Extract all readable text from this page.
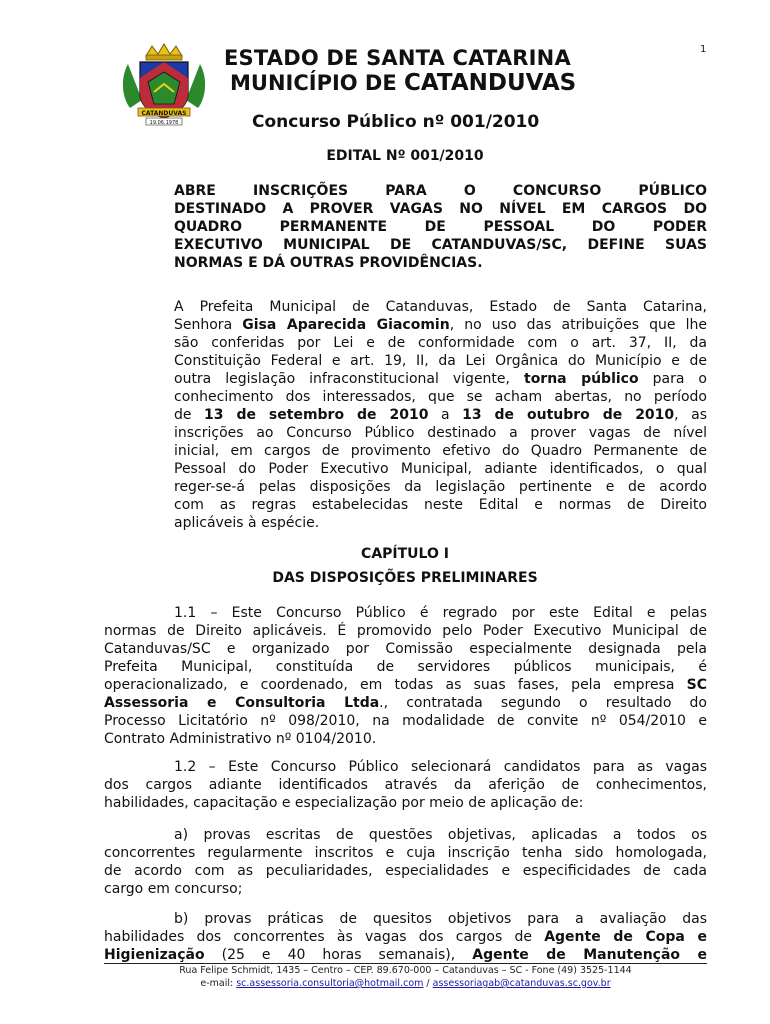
1
CATANDUVAS
19.06.1978
ESTADO DE SANTA CATARINA
MUNICÍPIO DE CATANDUVAS
Concurso Público nº 001/2010
EDITAL Nº 001/2010
ABRE INSCRIÇÕES PARA O CONCURSO PÚBLICO
DESTINADO A PROVER VAGAS NO NÍVEL EM CARGOS DO
QUADRO PERMANENTE DE PESSOAL DO PODER
EXECUTIVO MUNICIPAL DE CATANDUVAS/SC, DEFINE SUAS
NORMAS E DÁ OUTRAS PROVIDÊNCIAS.
A Prefeita Municipal de Catanduvas, Estado de Santa Catarina,
Senhora Gisa Aparecida Giacomin, no uso das atribuições que lhe
são conferidas por Lei e de conformidade com o art. 37, II, da
Constituição Federal e art. 19, II, da Lei Orgânica do Município e de
outra legislação infraconstitucional vigente, torna público para o
conhecimento dos interessados, que se acham abertas, no período
de 13 de setembro de 2010 a 13 de outubro de 2010, as
inscrições ao Concurso Público destinado a prover vagas de nível
inicial, em cargos de provimento efetivo do Quadro Permanente de
Pessoal do Poder Executivo Municipal, adiante identificados, o qual
reger-se-á pelas disposições da legislação pertinente e de acordo
com as regras estabelecidas neste Edital e normas de Direito
aplicáveis à espécie.
CAPÍTULO I
DAS DISPOSIÇÕES PRELIMINARES
1.1 – Este Concurso Público é regrado por este Edital e pelas
normas de Direito aplicáveis. É promovido pelo Poder Executivo Municipal de
Catanduvas/SC e organizado por Comissão especialmente designada pela
Prefeita Municipal, constituída de servidores públicos municipais, é
operacionalizado, e coordenado, em todas as suas fases, pela empresa SC
Assessoria e Consultoria Ltda., contratada segundo o resultado do
Processo Licitatório nº 098/2010, na modalidade de convite nº 054/2010 e
Contrato Administrativo nº 0104/2010.
1.2 – Este Concurso Público selecionará candidatos para as vagas
dos cargos adiante identificados através da aferição de conhecimentos,
habilidades, capacitação e especialização por meio de aplicação de:
a) provas escritas de questões objetivas, aplicadas a todos os
concorrentes regularmente inscritos e cuja inscrição tenha sido homologada,
de acordo com as peculiaridades, especialidades e especificidades de cada
cargo em concurso;
b) provas práticas de quesitos objetivos para a avaliação das
habilidades dos concorrentes às vagas dos cargos de Agente de Copa e
Higienização (25 e 40 horas semanais), Agente de Manutenção e
Rua Felipe Schmidt, 1435 – Centro – CEP. 89.670-000 – Catanduvas – SC - Fone (49) 3525-1144
e-mail: sc.assessoria.consultoria@hotmail.com / assessoriagab@catanduvas.sc.gov.br
